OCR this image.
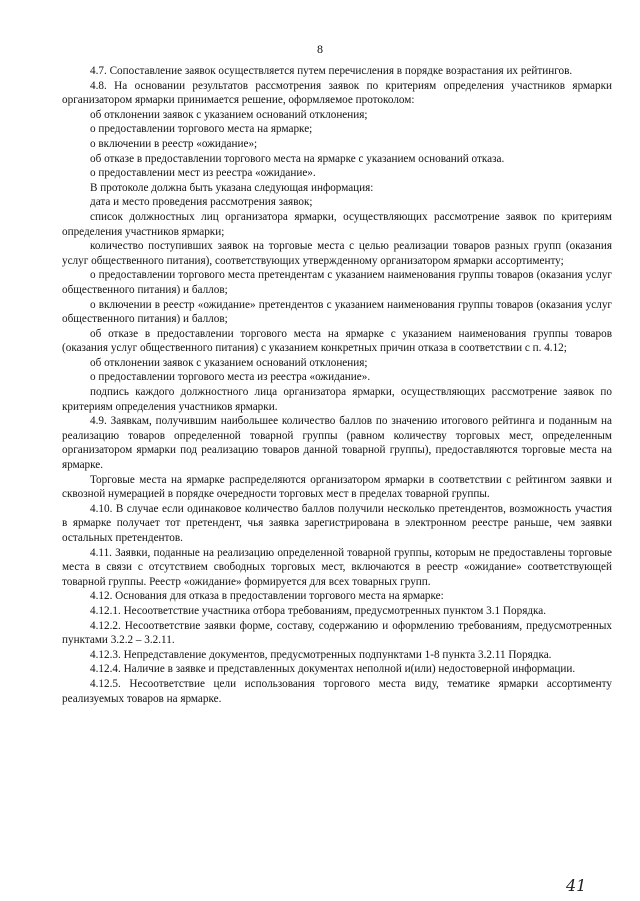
8

4.7. Сопоставление заявок осуществляется путем перечисления в порядке возрастания их рейтингов.

4.8. На основании результатов рассмотрения заявок по критериям определения участников ярмарки организатором ярмарки принимается решение, оформляемое протоколом:

об отклонении заявок с указанием оснований отклонения;

о предоставлении торгового места на ярмарке;

о включении в реестр «ожидание»;

об отказе в предоставлении торгового места на ярмарке с указанием оснований отказа.

о предоставлении мест из реестра «ожидание».

В протоколе должна быть указана следующая информация:

дата и место проведения рассмотрения заявок;

список должностных лиц организатора ярмарки, осуществляющих рассмотрение заявок по критериям определения участников ярмарки;

количество поступивших заявок на торговые места с целью реализации товаров разных групп (оказания услуг общественного питания), соответствующих утвержденному организатором ярмарки ассортименту;

о предоставлении торгового места претендентам с указанием наименования группы товаров (оказания услуг общественного питания) и баллов;

о включении в реестр «ожидание» претендентов с указанием наименования группы товаров (оказания услуг общественного питания) и баллов;

об отказе в предоставлении торгового места на ярмарке с указанием наименования группы товаров (оказания услуг общественного питания) с указанием конкретных причин отказа в соответствии с п. 4.12;

об отклонении заявок с указанием оснований отклонения;

о предоставлении торгового места из реестра «ожидание».

подпись каждого должностного лица организатора ярмарки, осуществляющих рассмотрение заявок по критериям определения участников ярмарки.

4.9. Заявкам, получившим наибольшее количество баллов по значению итогового рейтинга и поданным на реализацию товаров определенной товарной группы (равном количеству торговых мест, определенным организатором ярмарки под реализацию товаров данной товарной группы), предоставляются торговые места на ярмарке.

Торговые места на ярмарке распределяются организатором ярмарки в соответствии с рейтингом заявки и сквозной нумерацией в порядке очередности торговых мест в пределах товарной группы.

4.10. В случае если одинаковое количество баллов получили несколько претендентов, возможность участия в ярмарке получает тот претендент, чья заявка зарегистрирована в электронном реестре раньше, чем заявки остальных претендентов.

4.11. Заявки, поданные на реализацию определенной товарной группы, которым не предоставлены торговые места в связи с отсутствием свободных торговых мест, включаются в реестр «ожидание» соответствующей товарной группы. Реестр «ожидание» формируется для всех товарных групп.

4.12. Основания для отказа в предоставлении торгового места на ярмарке:

4.12.1. Несоответствие участника отбора требованиям, предусмотренных пунктом 3.1 Порядка.

4.12.2. Несоответствие заявки форме, составу, содержанию и оформлению требованиям, предусмотренных пунктами 3.2.2 – 3.2.11.

4.12.3. Непредставление документов, предусмотренных подпунктами 1-8 пункта 3.2.11 Порядка.

4.12.4. Наличие в заявке и представленных документах неполной и(или) недостоверной информации.

4.12.5. Несоответствие цели использования торгового места виду, тематике ярмарки ассортименту реализуемых товаров на ярмарке.

41
